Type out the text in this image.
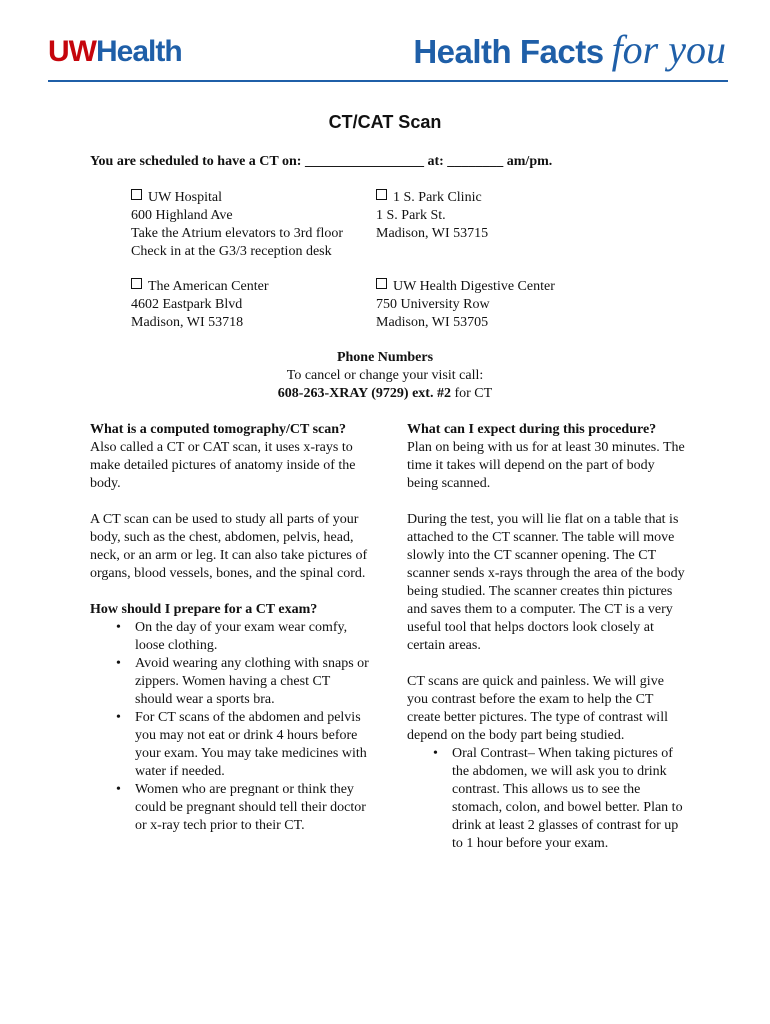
UWHealth	Health Facts for you
CT/CAT Scan
You are scheduled to have a CT on: _________________ at: ________ am/pm.
UW Hospital
600 Highland Ave
Take the Atrium elevators to 3rd floor
Check in at the G3/3 reception desk
1 S. Park Clinic
1 S. Park St.
Madison, WI 53715
The American Center
4602 Eastpark Blvd
Madison, WI 53718
UW Health Digestive Center
750 University Row
Madison, WI 53705
Phone Numbers
To cancel or change your visit call:
608-263-XRAY (9729) ext. #2 for CT
What is a computed tomography/CT scan?

Also called a CT or CAT scan, it uses x-rays to make detailed pictures of anatomy inside of the body.

A CT scan can be used to study all parts of your body, such as the chest, abdomen, pelvis, head, neck, or an arm or leg. It can also take pictures of organs, blood vessels, bones, and the spinal cord.

How should I prepare for a CT exam?
• On the day of your exam wear comfy, loose clothing.
• Avoid wearing any clothing with snaps or zippers. Women having a chest CT should wear a sports bra.
• For CT scans of the abdomen and pelvis you may not eat or drink 4 hours before your exam. You may take medicines with water if needed.
• Women who are pregnant or think they could be pregnant should tell their doctor or x-ray tech prior to their CT.
What can I expect during this procedure?

Plan on being with us for at least 30 minutes. The time it takes will depend on the part of body being scanned.

During the test, you will lie flat on a table that is attached to the CT scanner. The table will move slowly into the CT scanner opening. The CT scanner sends x-rays through the area of the body being studied. The scanner creates thin pictures and saves them to a computer. The CT is a very useful tool that helps doctors look closely at certain areas.

CT scans are quick and painless. We will give you contrast before the exam to help the CT create better pictures. The type of contrast will depend on the body part being studied.

• Oral Contrast– When taking pictures of the abdomen, we will ask you to drink contrast. This allows us to see the stomach, colon, and bowel better. Plan to drink at least 2 glasses of contrast for up to 1 hour before your exam.
